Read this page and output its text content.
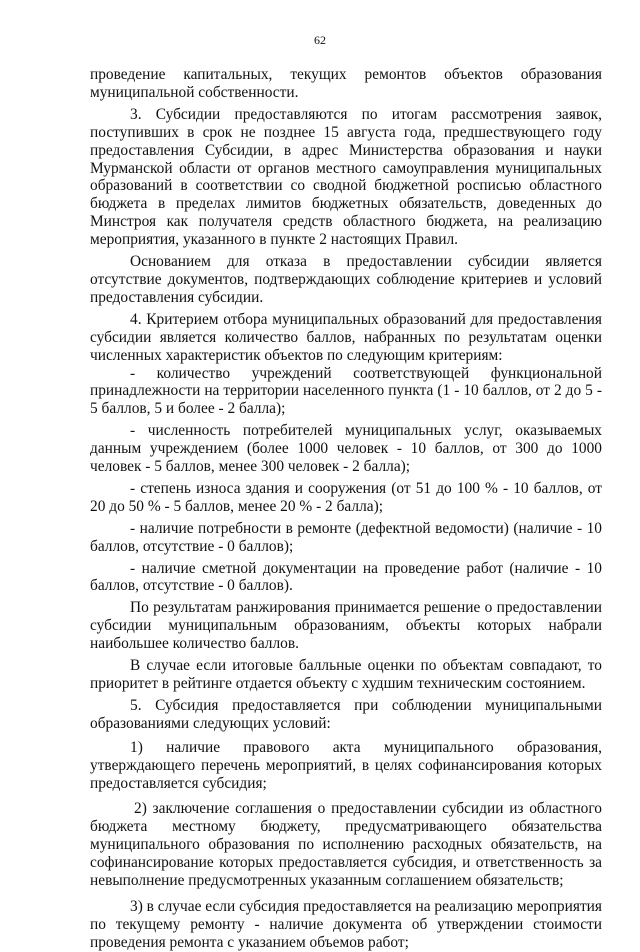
62

проведение капитальных, текущих ремонтов объектов образования муниципальной собственности.

3. Субсидии предоставляются по итогам рассмотрения заявок, поступивших в срок не позднее 15 августа года, предшествующего году предоставления Субсидии, в адрес Министерства образования и науки Мурманской области от органов местного самоуправления муниципальных образований в соответствии со сводной бюджетной росписью областного бюджета в пределах лимитов бюджетных обязательств, доведенных до Минстроя как получателя средств областного бюджета, на реализацию мероприятия, указанного в пункте 2 настоящих Правил.

Основанием для отказа в предоставлении субсидии является отсутствие документов, подтверждающих соблюдение критериев и условий предоставления субсидии.

4. Критерием отбора муниципальных образований для предоставления субсидии является количество баллов, набранных по результатам оценки численных характеристик объектов по следующим критериям:

- количество учреждений соответствующей функциональной принадлежности на территории населенного пункта (1 - 10 баллов, от 2 до 5 - 5 баллов, 5 и более - 2 балла);

- численность потребителей муниципальных услуг, оказываемых данным учреждением (более 1000 человек - 10 баллов, от 300 до 1000 человек - 5 баллов, менее 300 человек - 2 балла);

- степень износа здания и сооружения (от 51 до 100 % - 10 баллов, от 20 до 50 % - 5 баллов, менее 20 % - 2 балла);

- наличие потребности в ремонте (дефектной ведомости) (наличие - 10 баллов, отсутствие - 0 баллов);

- наличие сметной документации на проведение работ (наличие - 10 баллов, отсутствие - 0 баллов).

По результатам ранжирования принимается решение о предоставлении субсидии муниципальным образованиям, объекты которых набрали наибольшее количество баллов.

В случае если итоговые балльные оценки по объектам совпадают, то приоритет в рейтинге отдается объекту с худшим техническим состоянием.

5. Субсидия предоставляется при соблюдении муниципальными образованиями следующих условий:

1) наличие правового акта муниципального образования, утверждающего перечень мероприятий, в целях софинансирования которых предоставляется субсидия;

2) заключение соглашения о предоставлении субсидии из областного бюджета местному бюджету, предусматривающего обязательства муниципального образования по исполнению расходных обязательств, на софинансирование которых предоставляется субсидия, и ответственность за невыполнение предусмотренных указанным соглашением обязательств;

3) в случае если субсидия предоставляется на реализацию мероприятия по текущему ремонту - наличие документа об утверждении стоимости проведения ремонта с указанием объемов работ;
